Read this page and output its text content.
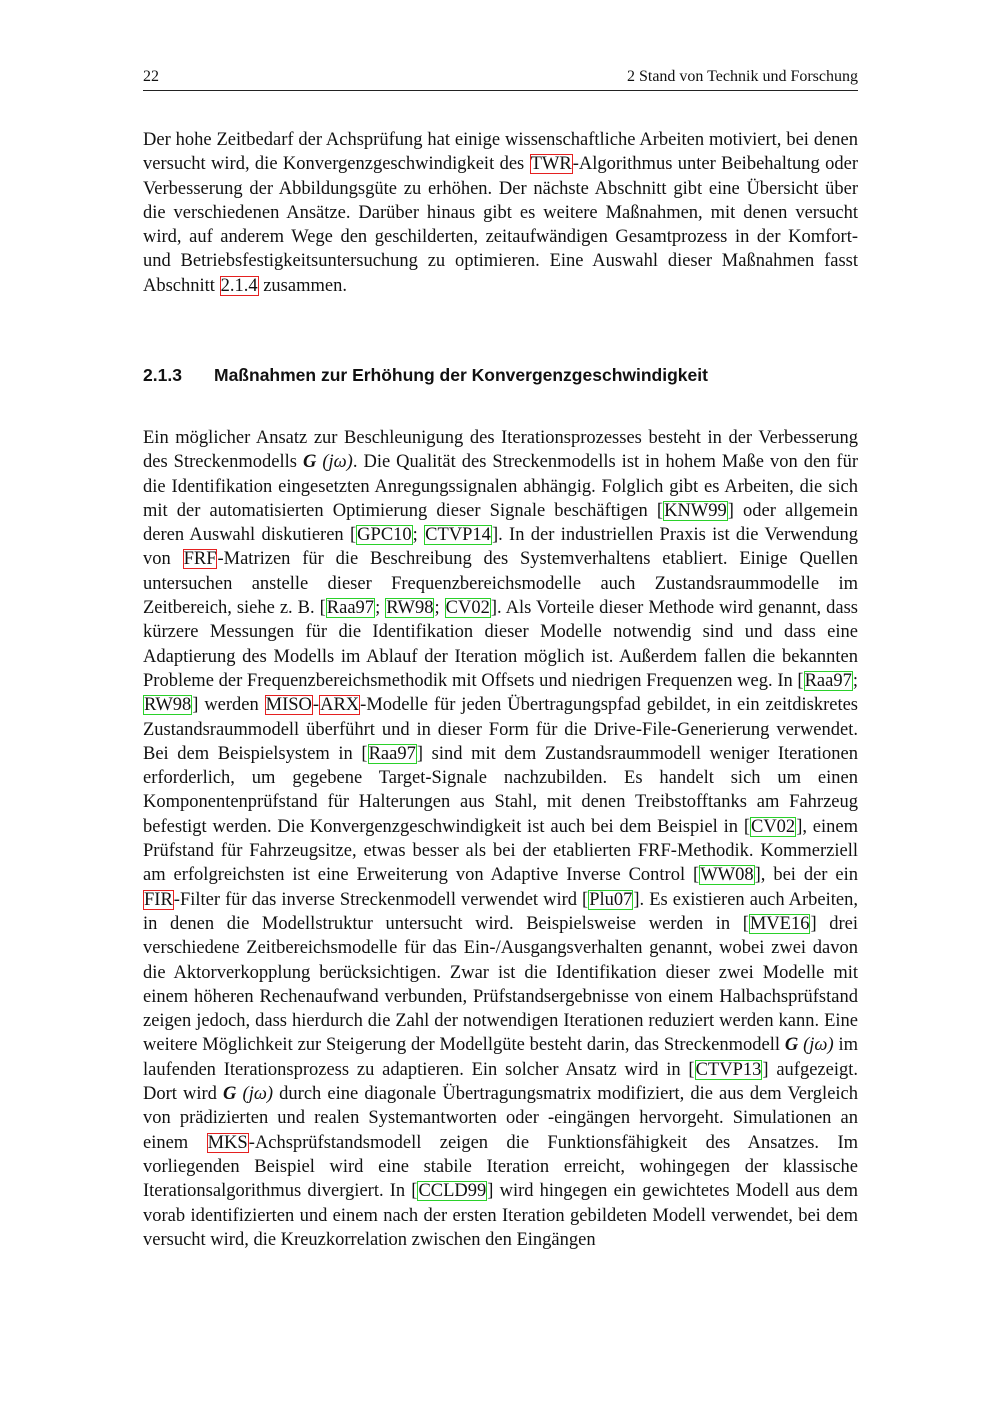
22	2 Stand von Technik und Forschung
Der hohe Zeitbedarf der Achsprüfung hat einige wissenschaftliche Arbeiten motiviert, bei denen versucht wird, die Konvergenzgeschwindigkeit des TWR-Algorithmus unter Beibehaltung oder Verbesserung der Abbildungsgüte zu erhöhen. Der nächste Abschnitt gibt eine Übersicht über die verschiedenen Ansätze. Darüber hinaus gibt es weitere Maßnahmen, mit denen versucht wird, auf anderem Wege den geschilderten, zeitaufwändigen Gesamtprozess in der Komfort- und Betriebsfestigkeitsuntersuchung zu optimieren. Eine Auswahl dieser Maßnahmen fasst Abschnitt 2.1.4 zusammen.
2.1.3 Maßnahmen zur Erhöhung der Konvergenzgeschwindigkeit
Ein möglicher Ansatz zur Beschleunigung des Iterationsprozesses besteht in der Verbesserung des Streckenmodells G (jω). Die Qualität des Streckenmodells ist in hohem Maße von den für die Identifikation eingesetzten Anregungssignalen abhängig. Folglich gibt es Arbeiten, die sich mit der automatisierten Optimierung dieser Signale beschäftigen [KNW99] oder allgemein deren Auswahl diskutieren [GPC10; CTVP14]. In der industriellen Praxis ist die Verwendung von FRF-Matrizen für die Beschreibung des Systemverhaltens etabliert. Einige Quellen untersuchen anstelle dieser Frequenzbereichsmodelle auch Zustandsraummodelle im Zeitbereich, siehe z. B. [Raa97; RW98; CV02]. Als Vorteile dieser Methode wird genannt, dass kürzere Messungen für die Identifikation dieser Modelle notwendig sind und dass eine Adaptierung des Modells im Ablauf der Iteration möglich ist. Außerdem fallen die bekannten Probleme der Frequenzbereichsmethodik mit Offsets und niedrigen Frequenzen weg. In [Raa97; RW98] werden MISO-ARX-Modelle für jeden Übertragungspfad gebildet, in ein zeitdiskretes Zustandsraummodell überführt und in dieser Form für die Drive-File-Generierung verwendet. Bei dem Beispielsystem in [Raa97] sind mit dem Zustandsraummodell weniger Iterationen erforderlich, um gegebene Target-Signale nachzubilden. Es handelt sich um einen Komponentenprüfstand für Halterungen aus Stahl, mit denen Treibstofftanks am Fahrzeug befestigt werden. Die Konvergenzgeschwindigkeit ist auch bei dem Beispiel in [CV02], einem Prüfstand für Fahrzeugsitze, etwas besser als bei der etablierten FRF-Methodik. Kommerziell am erfolgreichsten ist eine Erweiterung von Adaptive Inverse Control [WW08], bei der ein FIR-Filter für das inverse Streckenmodell verwendet wird [Plu07]. Es existieren auch Arbeiten, in denen die Modellstruktur untersucht wird. Beispielsweise werden in [MVE16] drei verschiedene Zeitbereichsmodelle für das Ein-/Ausgangsverhalten genannt, wobei zwei davon die Aktorverkopplung berücksichtigen. Zwar ist die Identifikation dieser zwei Modelle mit einem höheren Rechenaufwand verbunden, Prüfstandsergebnisse von einem Halbachsprüfstand zeigen jedoch, dass hierdurch die Zahl der notwendigen Iterationen reduziert werden kann. Eine weitere Möglichkeit zur Steigerung der Modellgüte besteht darin, das Streckenmodell G (jω) im laufenden Iterationsprozess zu adaptieren. Ein solcher Ansatz wird in [CTVP13] aufgezeigt. Dort wird G (jω) durch eine diagonale Übertragungsmatrix modifiziert, die aus dem Vergleich von prädizierten und realen Systemantworten oder -eingängen hervorgeht. Simulationen an einem MKS-Achsprüfstandsmodell zeigen die Funktionsfähigkeit des Ansatzes. Im vorliegenden Beispiel wird eine stabile Iteration erreicht, wohingegen der klassische Iterationsalgorithmus divergiert. In [CCLD99] wird hingegen ein gewichtetes Modell aus dem vorab identifizierten und einem nach der ersten Iteration gebildeten Modell verwendet, bei dem versucht wird, die Kreuzkorrelation zwischen den Eingängen
